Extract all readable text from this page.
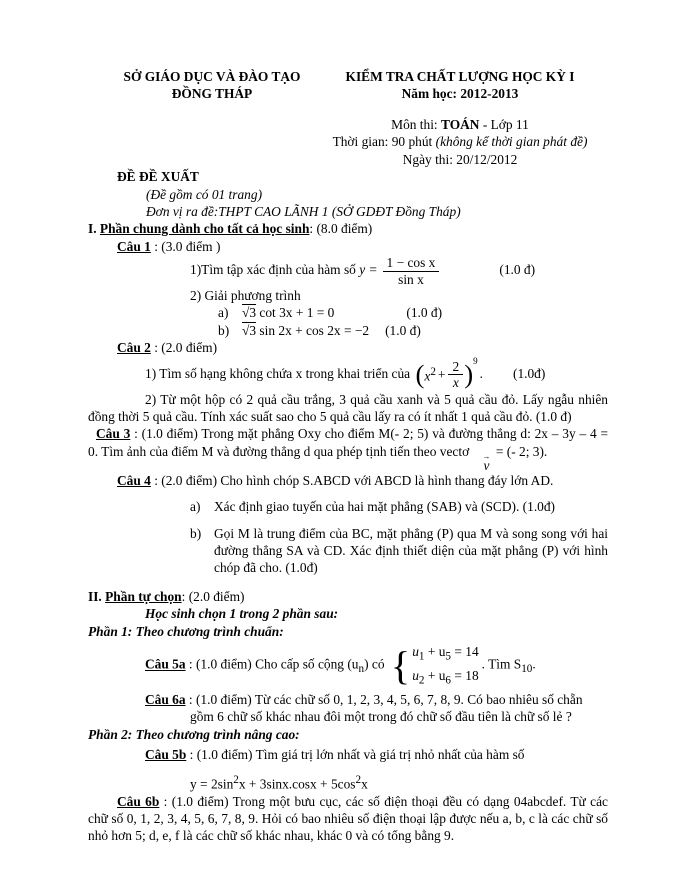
SỞ GIÁO DỤC VÀ ĐÀO TẠO
ĐỒNG THÁP
KIỂM TRA CHẤT LƯỢNG HỌC KỲ I
Năm học: 2012-2013
Môn thi: TOÁN - Lớp 11
Thời gian: 90 phút (không kể thời gian phát đề)
Ngày thi: 20/12/2012

ĐỀ ĐỀ XUẤT

(Đề gồm có 01 trang)

Đơn vị ra đề:THPT CAO LÃNH 1 (SỞ GDĐT Đồng Tháp)

I. Phần chung dành cho tất cả học sinh: (8.0 điểm)

Câu 1 : (3.0 điểm )

1)Tìm tập xác định của hàm số $y = \frac{\text{1 − cos x}}{\text{sin x}}$	(1.0 đ)

2) Giải phương trình

a)	√3 cot 3x + 1 = 0	(1.0 đ)
b) √3 sin 2x + cos 2x = −2 (1.0 đ)

Câu 2 : (2.0 điểm)

1) Tìm số hạng không chứa x trong khai triển của ( $x^2 + \frac{2}{x}$ ) 9
. (1.0đ)

2) Từ một hộp có 2 quả cầu trắng, 3 quả cầu xanh và 5 quả cầu đỏ. Lấy ngẫu nhiên đồng thời 5 quả cầu. Tính xác suất sao cho 5 quả cầu lấy ra có ít nhất 1 quả cầu đỏ. (1.0 đ)

Câu 3 : (1.0 điểm) Trong mặt phẳng Oxy cho điểm M(- 2; 5) và đường thẳng d: 2x – 3y – 4 = 0. Tìm ảnh của điểm M và đường thẳng d qua phép tịnh tiến theo vectơ	→
v
= (- 2; 3).

Câu 4 : (2.0 điểm) Cho hình chóp S.ABCD với ABCD là hình thang đáy lớn AD.

a)	Xác định giao tuyến của hai mặt phẳng (SAB) và (SCD). (1.0đ)
b) Gọi M là trung điểm của BC, mặt phẳng (P) qua M và song song với hai đường thẳng SA và CD. Xác định thiết diện của mặt phẳng (P) với hình chóp đã cho. (1.0đ)

II. Phần tự chọn: (2.0 điểm)

Học sinh chọn 1 trong 2 phần sau:

Phần 1: Theo chương trình chuẩn:

Câu 5a : (1.0 điểm) Cho cấp số cộng $(u_n)$ có { $u_1 + u_5 = 14$
$u_2 + u_6 = 18$
. Tìm $S_{10}$.

Câu 6a : (1.0 điểm) Từ các chữ số 0, 1, 2, 3, 4, 5, 6, 7, 8, 9. Có bao nhiêu số chẵn gồm 6 chữ số khác nhau đôi một trong đó chữ số đầu tiên là chữ số lẻ ?

Phần 2: Theo chương trình nâng cao:

Câu 5b : (1.0 điểm) Tìm giá trị lớn nhất và giá trị nhỏ nhất của hàm số

$y = 2\sin^2x + 3\sin x.\cos x + 5\cos^2x$

Câu 6b : (1.0 điểm) Trong một bưu cục, các số điện thoại đều có dạng 04abcdef. Từ các chữ số 0, 1, 2, 3, 4, 5, 6, 7, 8, 9. Hỏi có bao nhiêu số điện thoại lập được nếu a, b, c là các chữ số nhỏ hơn 5; d, e, f là các chữ số khác nhau, khác 0 và có tổng bằng 9.
